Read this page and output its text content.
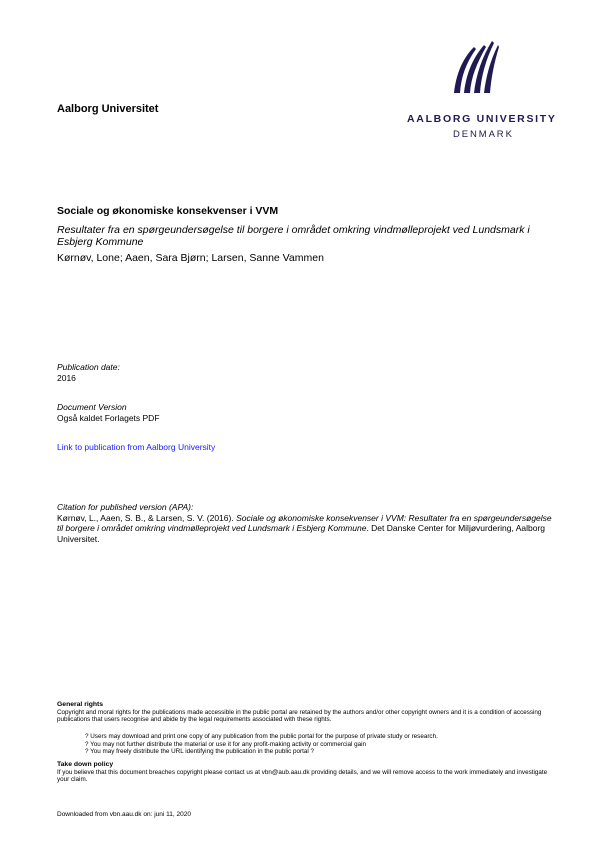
AALBORG UNIVERSITY
DENMARK
Aalborg Universitet
Sociale og økonomiske konsekvenser i VVM
Resultater fra en spørgeundersøgelse til borgere i området omkring vindmølleprojekt ved Lundsmark i Esbjerg Kommune
Kørnøv, Lone; Aaen, Sara Bjørn; Larsen, Sanne Vammen
Publication date:
2016
Document Version
Også kaldet Forlagets PDF
Link to publication from Aalborg University
Citation for published version (APA):
Kørnøv, L., Aaen, S. B., & Larsen, S. V. (2016). Sociale og økonomiske konsekvenser i VVM: Resultater fra en spørgeundersøgelse til borgere i området omkring vindmølleprojekt ved Lundsmark i Esbjerg Kommune. Det Danske Center for Miljøvurdering, Aalborg Universitet.
General rights
Copyright and moral rights for the publications made accessible in the public portal are retained by the authors and/or other copyright owners and it is a condition of accessing publications that users recognise and abide by the legal requirements associated with these rights.
? Users may download and print one copy of any publication from the public portal for the purpose of private study or research.
? You may not further distribute the material or use it for any profit-making activity or commercial gain
? You may freely distribute the URL identifying the publication in the public portal ?
Take down policy
If you believe that this document breaches copyright please contact us at vbn@aub.aau.dk providing details, and we will remove access to the work immediately and investigate your claim.
Downloaded from vbn.aau.dk on: juni 11, 2020
